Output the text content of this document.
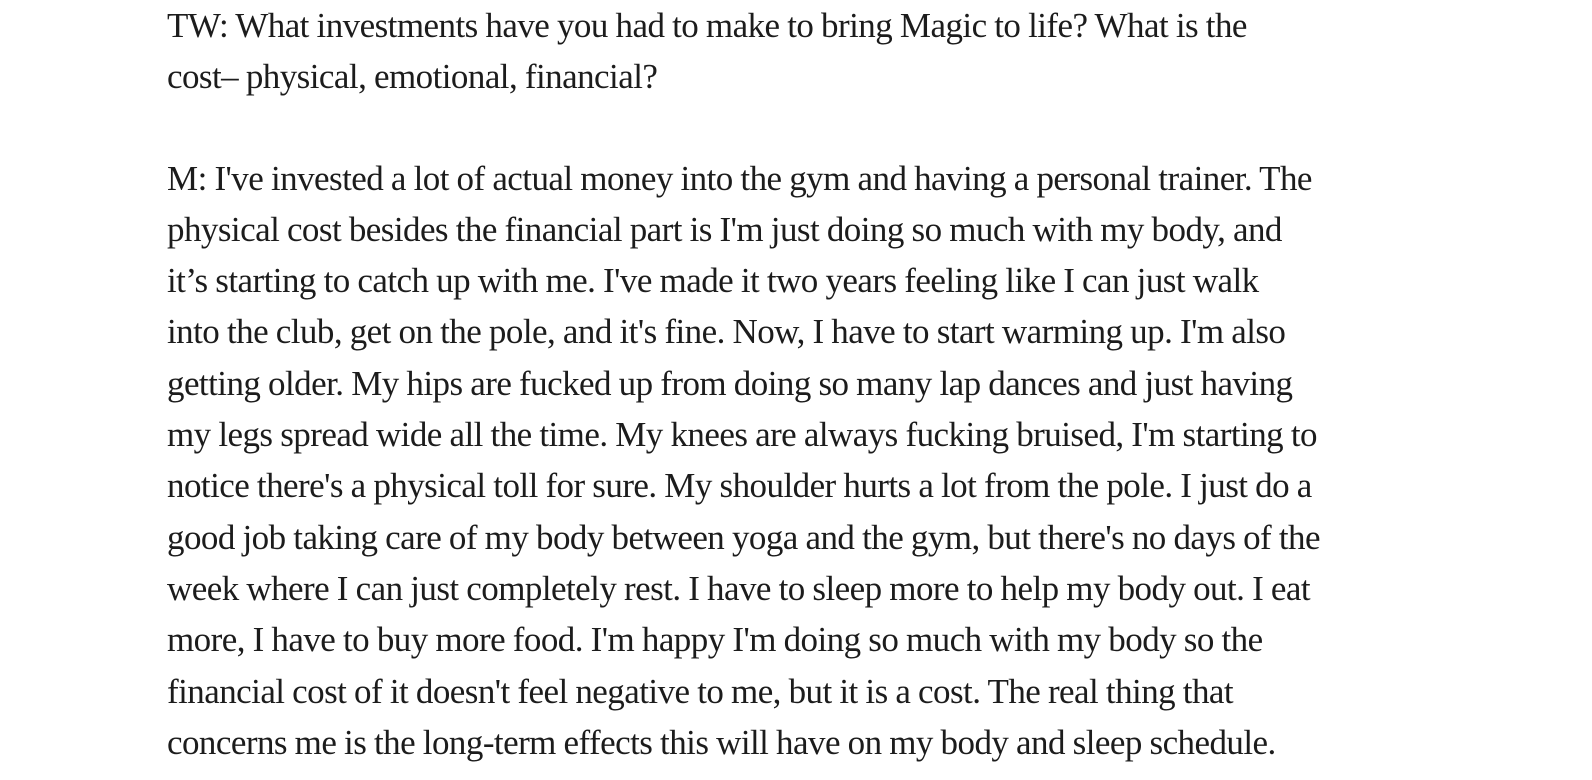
TW: What investments have you had to make to bring Magic to life? What is the
cost– physical, emotional, financial?
M: I've invested a lot of actual money into the gym and having a personal trainer. The
physical cost besides the financial part is I'm just doing so much with my body, and
it’s starting to catch up with me. I've made it two years feeling like I can just walk
into the club, get on the pole, and it's fine. Now, I have to start warming up. I'm also
getting older. My hips are fucked up from doing so many lap dances and just having
my legs spread wide all the time. My knees are always fucking bruised, I'm starting to
notice there's a physical toll for sure. My shoulder hurts a lot from the pole. I just do a
good job taking care of my body between yoga and the gym, but there's no days of the
week where I can just completely rest. I have to sleep more to help my body out. I eat
more, I have to buy more food. I'm happy I'm doing so much with my body so the
financial cost of it doesn't feel negative to me, but it is a cost. The real thing that
concerns me is the long-term effects this will have on my body and sleep schedule.
